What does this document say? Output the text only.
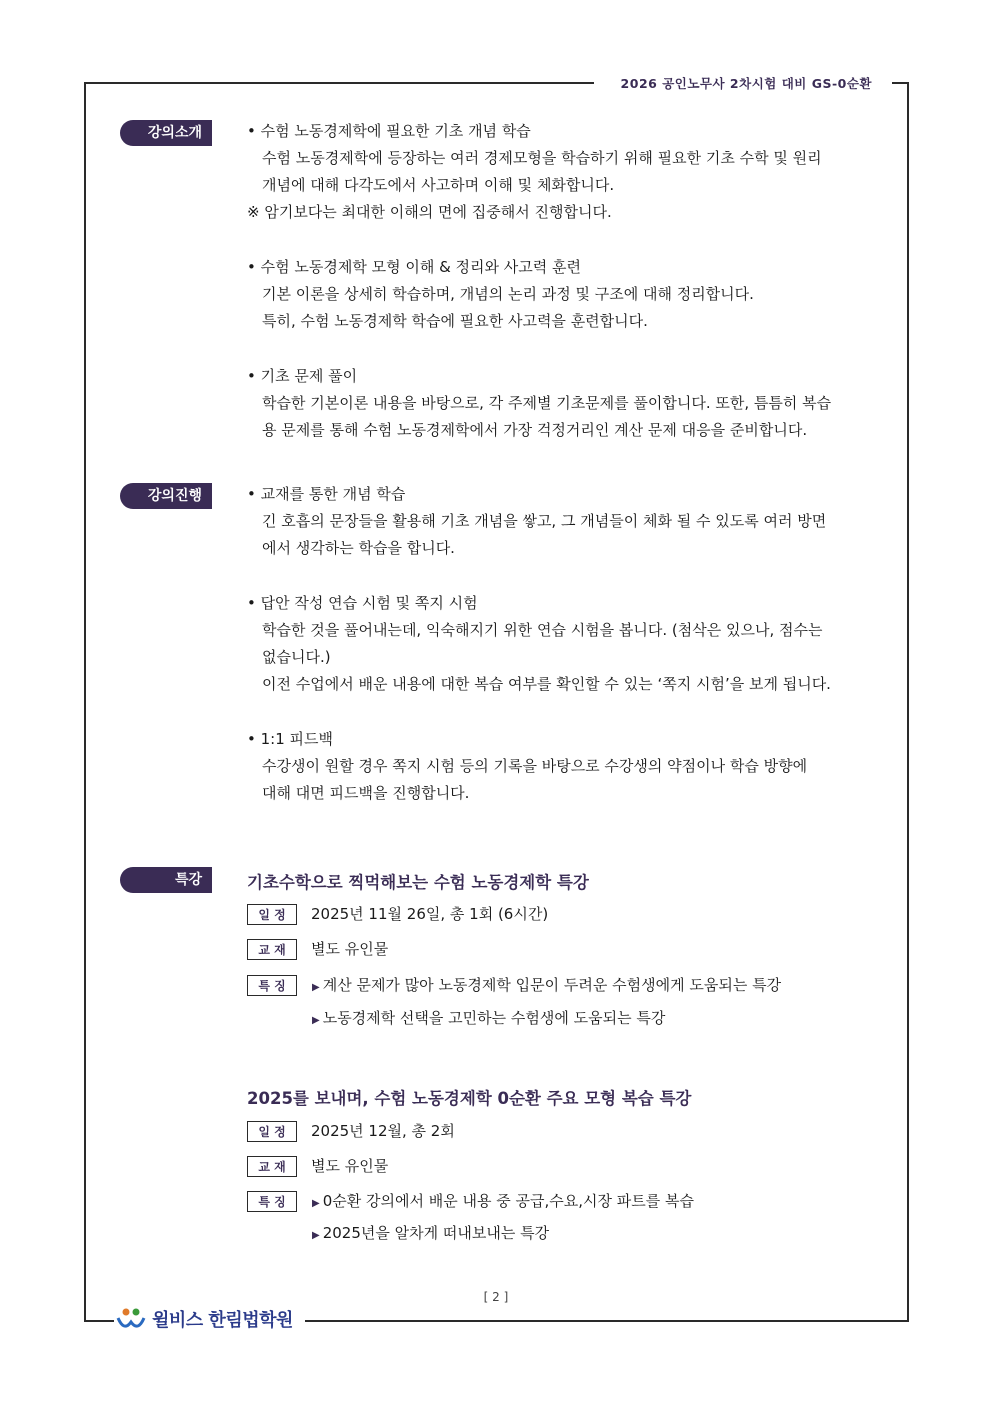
2026 공인노무사 2차시험 대비 GS-0순환
강의소개	• 수험 노동경제학에 필요한 기초 개념 학습
수험 노동경제학에 등장하는 여러 경제모형을 학습하기 위해 필요한 기초 수학 및 원리
개념에 대해 다각도에서 사고하며 이해 및 체화합니다.
※ 암기보다는 최대한 이해의 면에 집중해서 진행합니다.
• 수험 노동경제학 모형 이해 & 정리와 사고력 훈련
기본 이론을 상세히 학습하며, 개념의 논리 과정 및 구조에 대해 정리합니다.
특히, 수험 노동경제학 학습에 필요한 사고력을 훈련합니다.
• 기초 문제 풀이
학습한 기본이론 내용을 바탕으로, 각 주제별 기초문제를 풀이합니다. 또한, 틈틈히 복습
용 문제를 통해 수험 노동경제학에서 가장 걱정거리인 계산 문제 대응을 준비합니다.
강의진행	• 교재를 통한 개념 학습
긴 호흡의 문장들을 활용해 기초 개념을 쌓고, 그 개념들이 체화 될 수 있도록 여러 방면
에서 생각하는 학습을 합니다.
• 답안 작성 연습 시험 및 쪽지 시험
학습한 것을 풀어내는데, 익숙해지기 위한 연습 시험을 봅니다. (첨삭은 있으나, 점수는
없습니다.)
이전 수업에서 배운 내용에 대한 복습 여부를 확인할 수 있는 ‘쪽지 시험’을 보게 됩니다.
• 1:1 피드백
수강생이 원할 경우 쪽지 시험 등의 기록을 바탕으로 수강생의 약점이나 학습 방향에
대해 대면 피드백을 진행합니다.
특강	기초수학으로 찍먹해보는 수험 노동경제학 특강
일 정 2025년 11월 26일, 총 1회 (6시간)
교 재 별도 유인물
특 징	▶ 계산 문제가 많아 노동경제학 입문이 두려운 수험생에게 도움되는 특강
▶ 노동경제학 선택을 고민하는 수험생에 도움되는 특강
2025를 보내며, 수험 노동경제학 0순환 주요 모형 복습 특강
일 정 2025년 12월, 총 2회
교 재 별도 유인물
특 징	▶ 0순환 강의에서 배운 내용 중 공급,수요,시장 파트를 복습
▶ 2025년을 알차게 떠내보내는 특강
[ 2 ]
윌비스 한림법학원
